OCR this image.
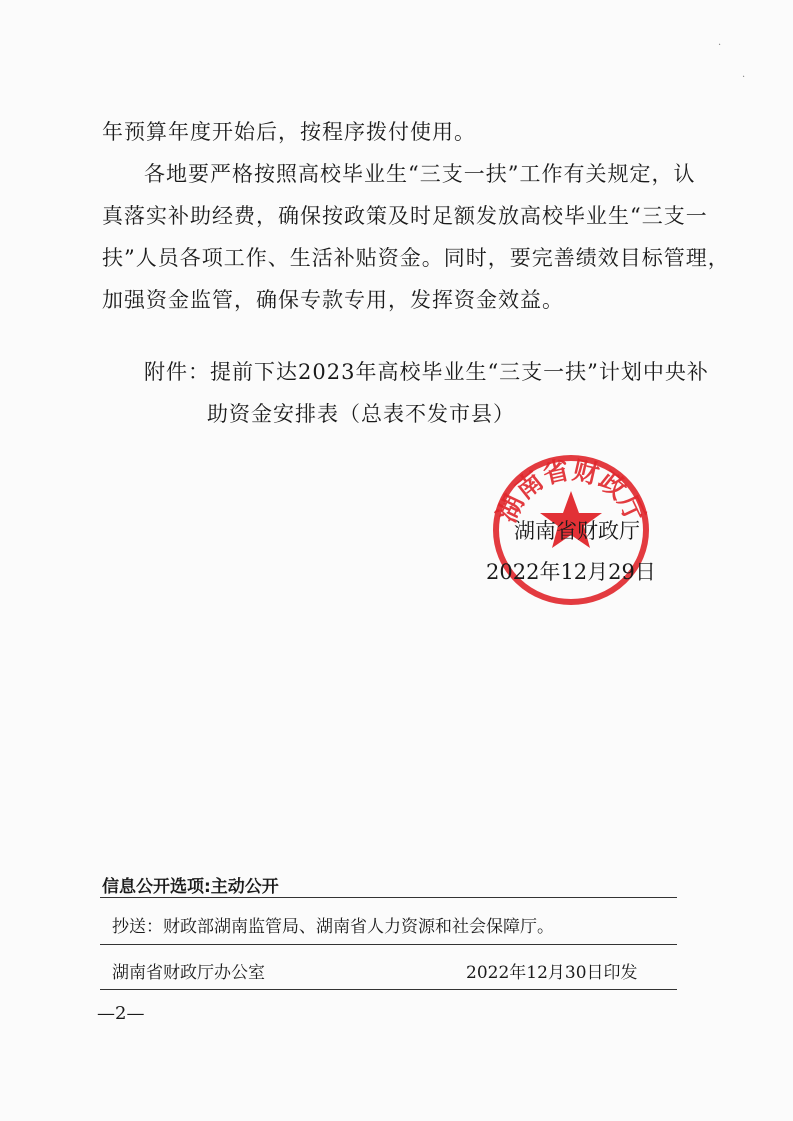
年预算年度开始后，按程序拨付使用。
各地要严格按照高校毕业生“三支一扶”工作有关规定，认
真落实补助经费，确保按政策及时足额发放高校毕业生“三支一
扶”人员各项工作、生活补贴资金。同时，要完善绩效目标管理，
加强资金监管，确保专款专用，发挥资金效益。
附件：提前下达2023年高校毕业生“三支一扶”计划中央补
助资金安排表（总表不发市县）
湖南省财政厅
湖南省财政厅
2022年12月29日
信息公开选项:主动公开
抄送：财政部湖南监管局、湖南省人力资源和社会保障厅。
湖南省财政厅办公室	2022年12月30日印发
—2—
·
·
